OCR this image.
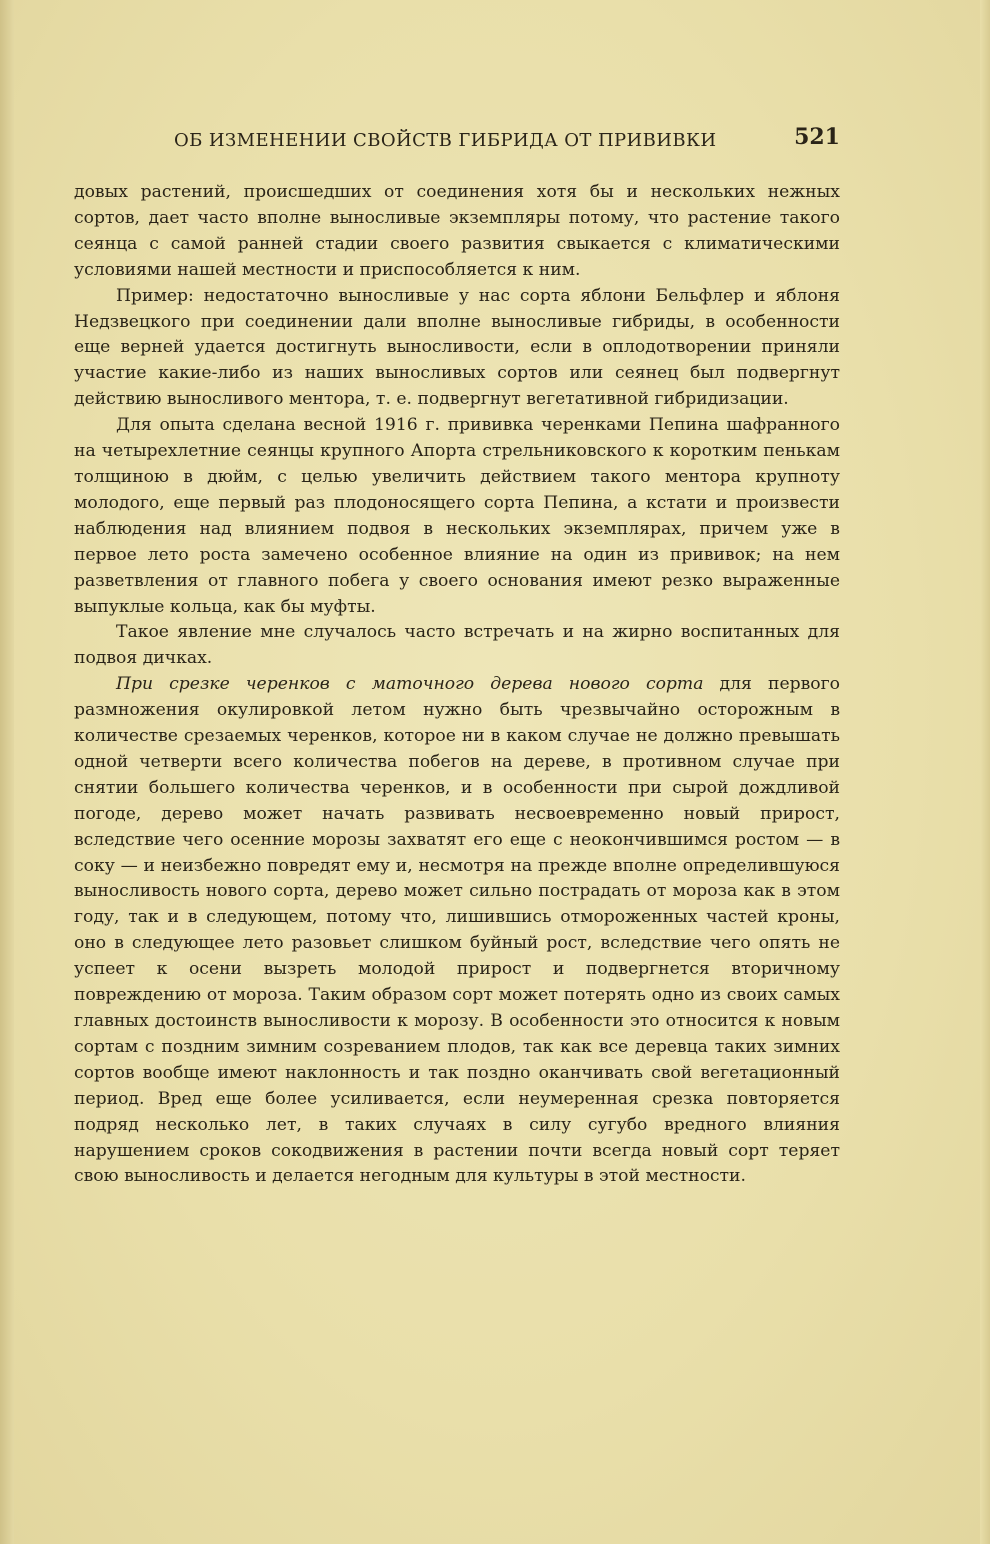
ОБ ИЗМЕНЕНИИ СВОЙСТВ ГИБРИДА ОТ ПРИВИВКИ	521

довых растений, происшедших от соединения хотя бы и нескольких нежных сортов, дает часто вполне выносливые экземпляры потому, что растение такого сеянца с самой ранней стадии своего развития свыкается с климатическими условиями нашей местности и приспособляется к ним.

Пример: недостаточно выносливые у нас сорта яблони Бельфлер и яблоня Недзвецкого при соединении дали вполне выносливые гибриды, в особенности еще верней удается достигнуть выносливости, если в оплодотворении приняли участие какие-либо из наших выносливых сортов или сеянец был подвергнут действию выносливого ментора, т. е. подвергнут вегетативной гибридизации.

Для опыта сделана весной 1916 г. прививка черенками Пепина шафранного на четырехлетние сеянцы крупного Апорта стрельниковского к коротким пенькам толщиною в дюйм, с целью увеличить действием такого ментора крупноту молодого, еще первый раз плодоносящего сорта Пепина, а кстати и произвести наблюдения над влиянием подвоя в нескольких экземплярах, причем уже в первое лето роста замечено особенное влияние на один из прививок; на нем разветвления от главного побега у своего основания имеют резко выраженные выпуклые кольца, как бы муфты.

Такое явление мне случалось часто встречать и на жирно воспитанных для подвоя дичках.

При срезке черенков с маточного дерева нового сорта для первого размножения окулировкой летом нужно быть чрезвычайно осторожным в количестве срезаемых черенков, которое ни в каком случае не должно превышать одной четверти всего количества побегов на дереве, в противном случае при снятии большего количества черенков, и в особенности при сырой дождливой погоде, дерево может начать развивать несвоевременно новый прирост, вследствие чего осенние морозы захватят его еще с неокончившимся ростом — в соку — и неизбежно повредят ему и, несмотря на прежде вполне определившуюся выносливость нового сорта, дерево может сильно пострадать от мороза как в этом году, так и в следующем, потому что, лишившись отмороженных частей кроны, оно в следующее лето разовьет слишком буйный рост, вследствие чего опять не успеет к осени вызреть молодой прирост и подвергнется вторичному повреждению от мороза. Таким образом сорт может потерять одно из своих самых главных достоинств выносливости к морозу. В особенности это относится к новым сортам с поздним зимним созреванием плодов, так как все деревца таких зимних сортов вообще имеют наклонность и так поздно оканчивать свой вегетационный период. Вред еще более усиливается, если неумеренная срезка повторяется подряд несколько лет, в таких случаях в силу сугубо вредного влияния нарушением сроков сокодвижения в растении почти всегда новый сорт теряет свою выносливость и делается негодным для культуры в этой местности.
